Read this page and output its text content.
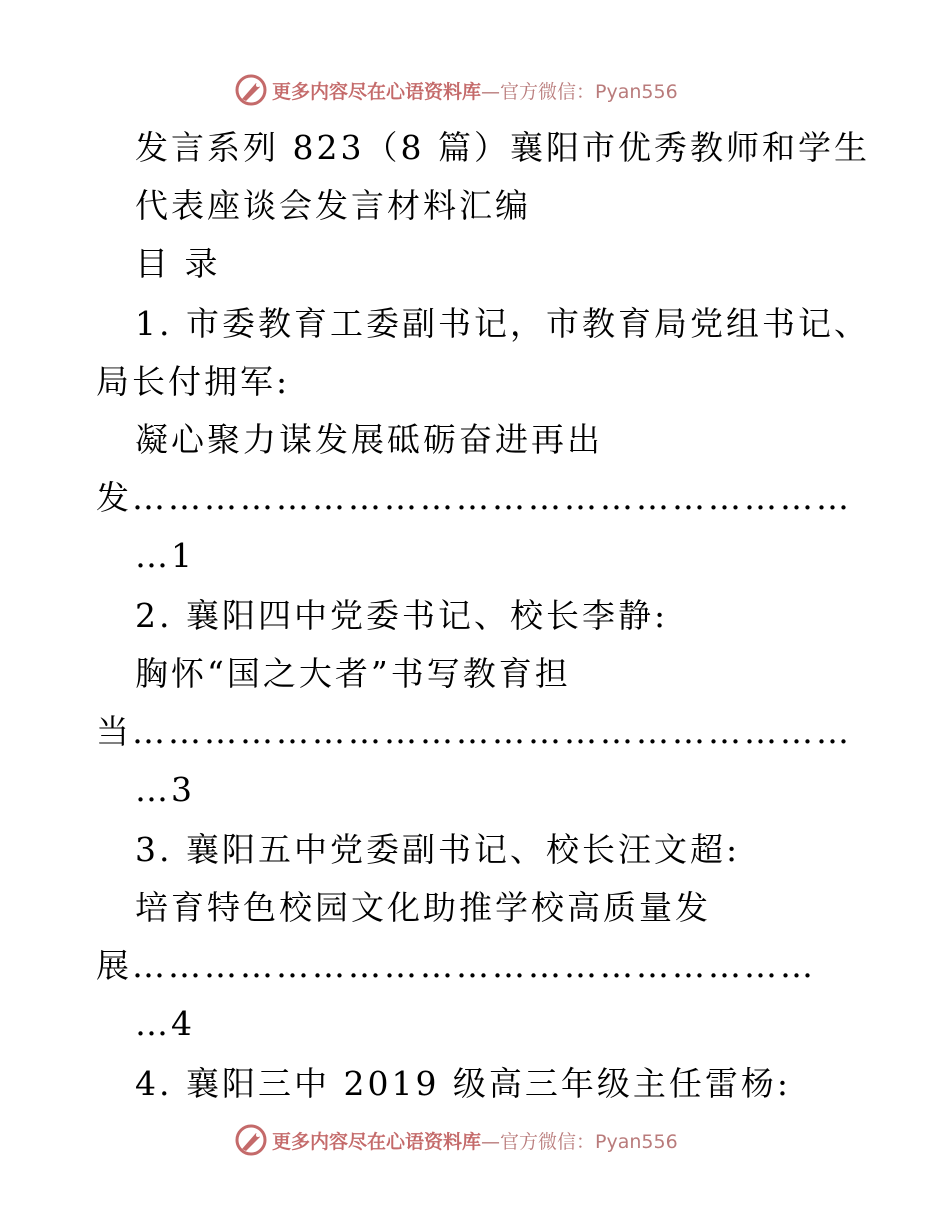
更多内容尽在心语资料库 —官方微信：Pyan556
发言系列 823（8 篇）襄阳市优秀教师和学生
代表座谈会发言材料汇编
目 录
1. 市委教育工委副书记，市教育局党组书记、
局长付拥军:
凝心聚力谋发展砥砺奋进再出
发……………………………………………………
…1
2. 襄阳四中党委书记、校长李静:
胸怀“国之大者”书写教育担
当……………………………………………………
…3
3. 襄阳五中党委副书记、校长汪文超:
培育特色校园文化助推学校高质量发
展…………………………………………………
…4
4. 襄阳三中 2019 级高三年级主任雷杨:
更多内容尽在心语资料库 —官方微信：Pyan556
